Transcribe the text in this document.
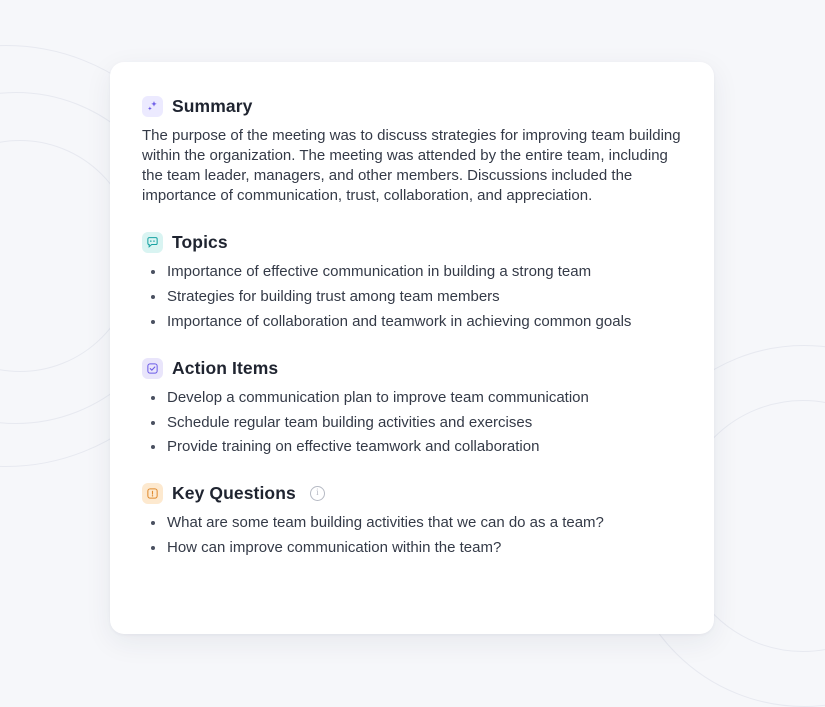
Summary

The purpose of the meeting was to discuss strategies for improving team building within the organization. The meeting was attended by the entire team, including the team leader, managers, and other members. Discussions included the importance of communication, trust, collaboration, and appreciation.

Topics
Importance of effective communication in building a strong team
Strategies for building trust among team members
Importance of collaboration and teamwork in achieving common goals
Action Items
Develop a communication plan to improve team communication
Schedule regular team building activities and exercises
Provide training on effective teamwork and collaboration
Key Questions	i
What are some team building activities that we can do as a team?
How can improve communication within the team?
